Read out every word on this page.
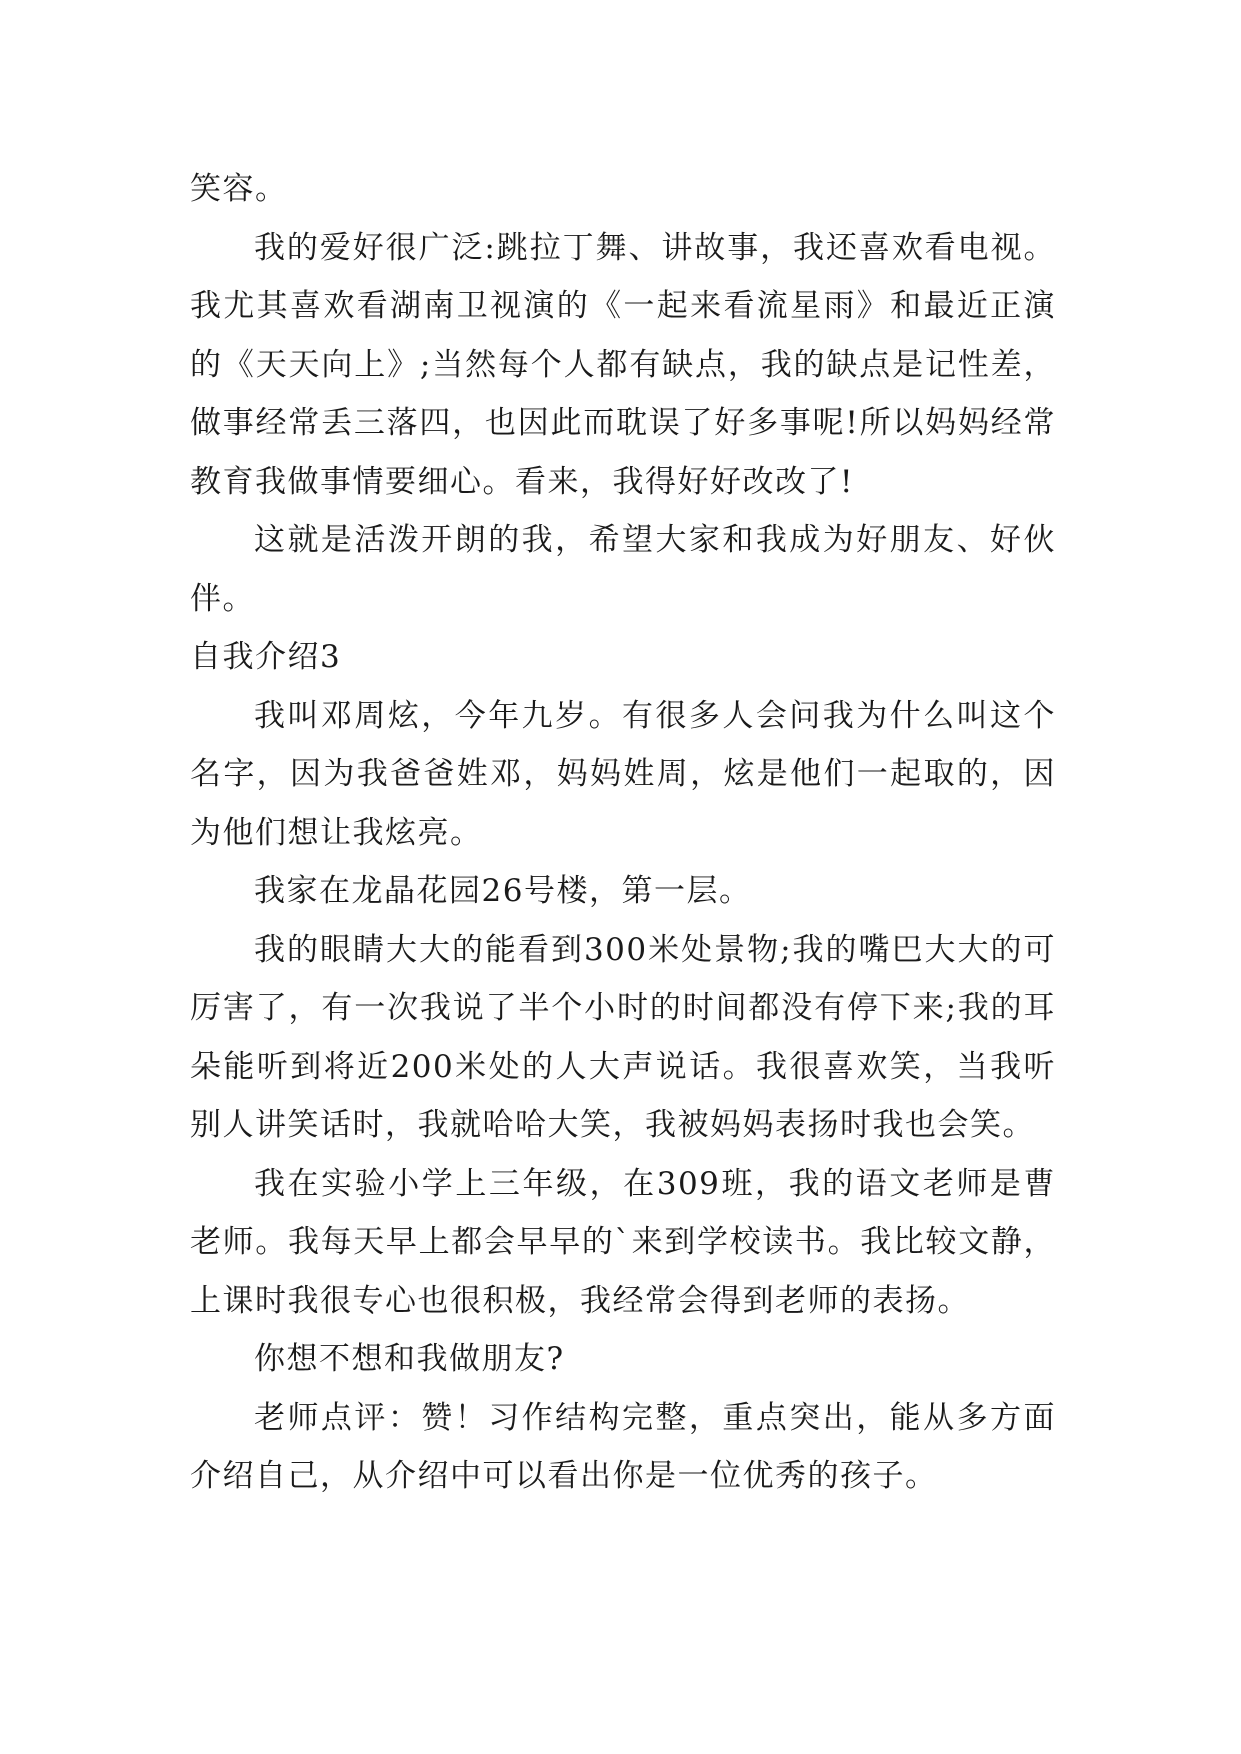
笑容。

我的爱好很广泛:跳拉丁舞、讲故事，我还喜欢看电视。我尤其喜欢看湖南卫视演的《一起来看流星雨》和最近正演的《天天向上》;当然每个人都有缺点，我的缺点是记性差，做事经常丢三落四，也因此而耽误了好多事呢!所以妈妈经常教育我做事情要细心。看来，我得好好改改了!

这就是活泼开朗的我，希望大家和我成为好朋友、好伙伴。

自我介绍3

我叫邓周炫，今年九岁。有很多人会问我为什么叫这个名字，因为我爸爸姓邓，妈妈姓周，炫是他们一起取的，因为他们想让我炫亮。

我家在龙晶花园26号楼，第一层。

我的眼睛大大的能看到300米处景物;我的嘴巴大大的可厉害了，有一次我说了半个小时的时间都没有停下来;我的耳朵能听到将近200米处的人大声说话。我很喜欢笑，当我听别人讲笑话时，我就哈哈大笑，我被妈妈表扬时我也会笑。

我在实验小学上三年级，在309班，我的语文老师是曹老师。我每天早上都会早早的`来到学校读书。我比较文静，上课时我很专心也很积极，我经常会得到老师的表扬。

你想不想和我做朋友?

老师点评：赞！习作结构完整，重点突出，能从多方面介绍自己，从介绍中可以看出你是一位优秀的孩子。
